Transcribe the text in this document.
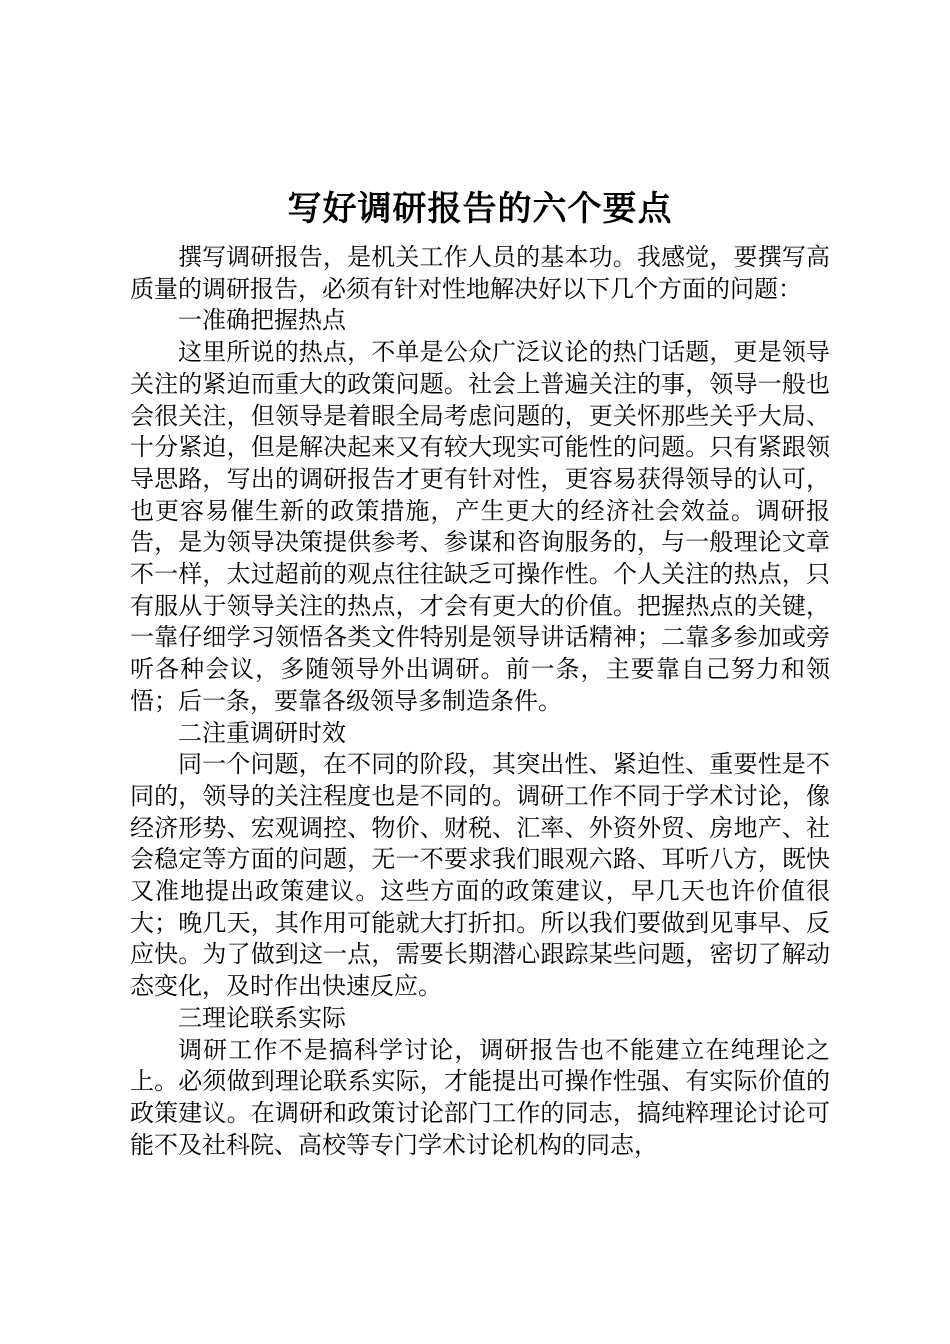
写好调研报告的六个要点

撰写调研报告，是机关工作人员的基本功。我感觉，要撰写高质量的调研报告，必须有针对性地解决好以下几个方面的问题：

一准确把握热点

这里所说的热点，不单是公众广泛议论的热门话题，更是领导关注的紧迫而重大的政策问题。社会上普遍关注的事，领导一般也会很关注，但领导是着眼全局考虑问题的，更关怀那些关乎大局、十分紧迫，但是解决起来又有较大现实可能性的问题。只有紧跟领导思路，写出的调研报告才更有针对性，更容易获得领导的认可，也更容易催生新的政策措施，产生更大的经济社会效益。调研报告，是为领导决策提供参考、参谋和咨询服务的，与一般理论文章不一样，太过超前的观点往往缺乏可操作性。个人关注的热点，只有服从于领导关注的热点，才会有更大的价值。把握热点的关键，一靠仔细学习领悟各类文件特别是领导讲话精神；二靠多参加或旁听各种会议，多随领导外出调研。前一条，主要靠自己努力和领悟；后一条，要靠各级领导多制造条件。

二注重调研时效

同一个问题，在不同的阶段，其突出性、紧迫性、重要性是不同的，领导的关注程度也是不同的。调研工作不同于学术讨论，像经济形势、宏观调控、物价、财税、汇率、外资外贸、房地产、社会稳定等方面的问题，无一不要求我们眼观六路、耳听八方，既快又准地提出政策建议。这些方面的政策建议，早几天也许价值很大；晚几天，其作用可能就大打折扣。所以我们要做到见事早、反应快。为了做到这一点，需要长期潜心跟踪某些问题，密切了解动态变化，及时作出快速反应。

三理论联系实际

调研工作不是搞科学讨论，调研报告也不能建立在纯理论之上。必须做到理论联系实际，才能提出可操作性强、有实际价值的政策建议。在调研和政策讨论部门工作的同志，搞纯粹理论讨论可能不及社科院、高校等专门学术讨论机构的同志，
